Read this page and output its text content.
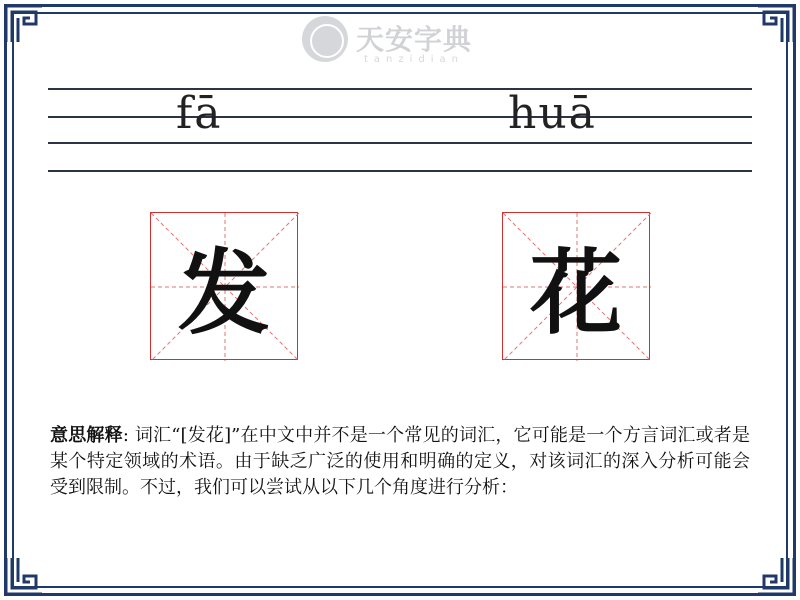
天安字典
tanzidian
fā	huā
发	花
意思解释: 词汇“[发花]”在中文中并不是一个常见的词汇，它可能是一个方言词汇或者是某个特定领域的术语。由于缺乏广泛的使用和明确的定义，对该词汇的深入分析可能会受到限制。不过，我们可以尝试从以下几个角度进行分析：
